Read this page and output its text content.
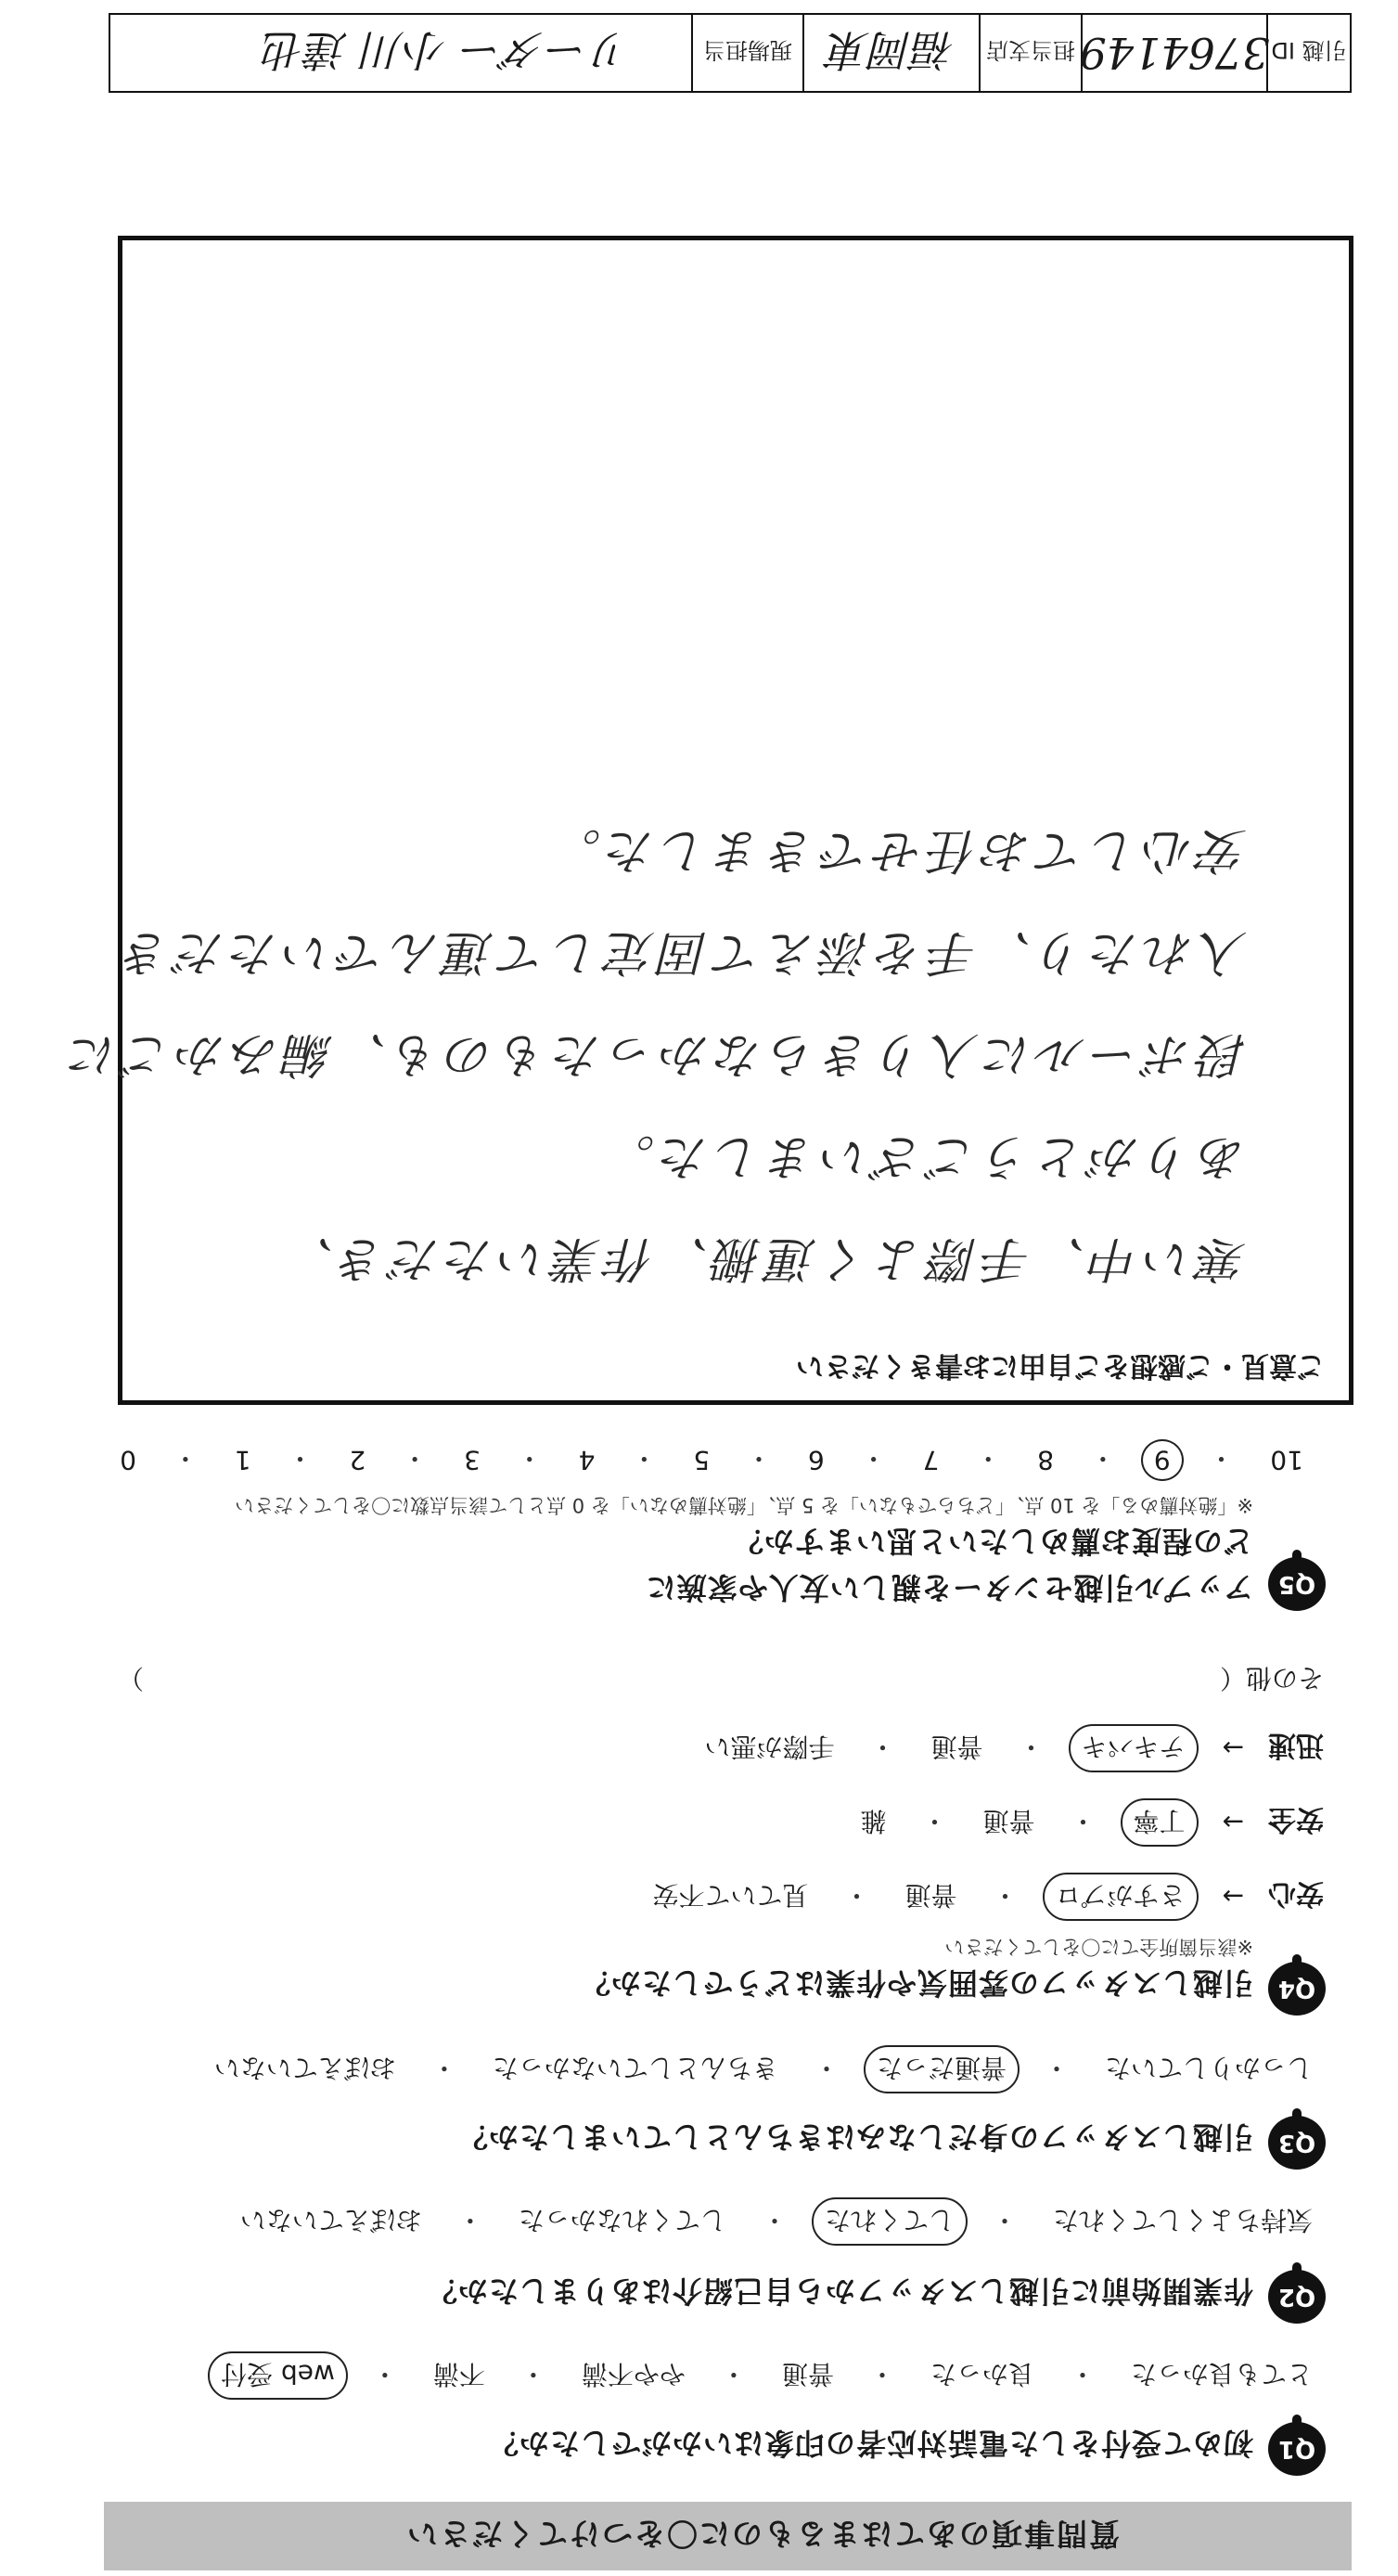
質問事項のあてはまるものに〇をつけてください
Q1
初めて受付をした電話対応者の印象はいかがでしたか？
とても良かった
・
良かった
・
普通
・
やや不満
・
不満
・
web 受付
Q2
作業開始前に引越しスタッフから自己紹介はありましたか？
気持ちよくしてくれた
・
してくれた
・
してくれなかった
・
おぼえていない
Q3
引越しスタッフの身だしなみはきちんとしていましたか？
しっかりしていた
・
普通だった
・
きちんとしていなかった
・
おぼえていない
Q4
引越しスタッフの雰囲気や作業はどうでしたか？
※該当箇所全てに〇をしてください
安心
→
さすがプロ
・
普通
・
見ていて不安
安全
→
丁寧
・
普通
・
雑
迅速
→
テキパキ
・
普通
・
手際が悪い
その他（
）
Q5
アップル引越センターを親しい友人や家族に
どの程度お薦めしたいと思いますか？
※「絶対薦める」を 10 点、「どちらでもない」を 5 点、「絶対薦めない」を 0 点として該当点数に〇をしてください
10
・
9
・
8
・
7
・
6
・
5
・
4
・
3
・
2
・
1
・
0
ご意見・ご感想をご自由にお書きください
寒い中、手際よく運搬、作業いただき、
ありがとうございました。
段ボールに入りきらなかったものも、編みかごに
入れたり、手を添えて固定して運んでいただき
安心してお任せできました。
引越 ID
3764149
担当支店
福岡東
現場担当
リーダー 小川 達也
